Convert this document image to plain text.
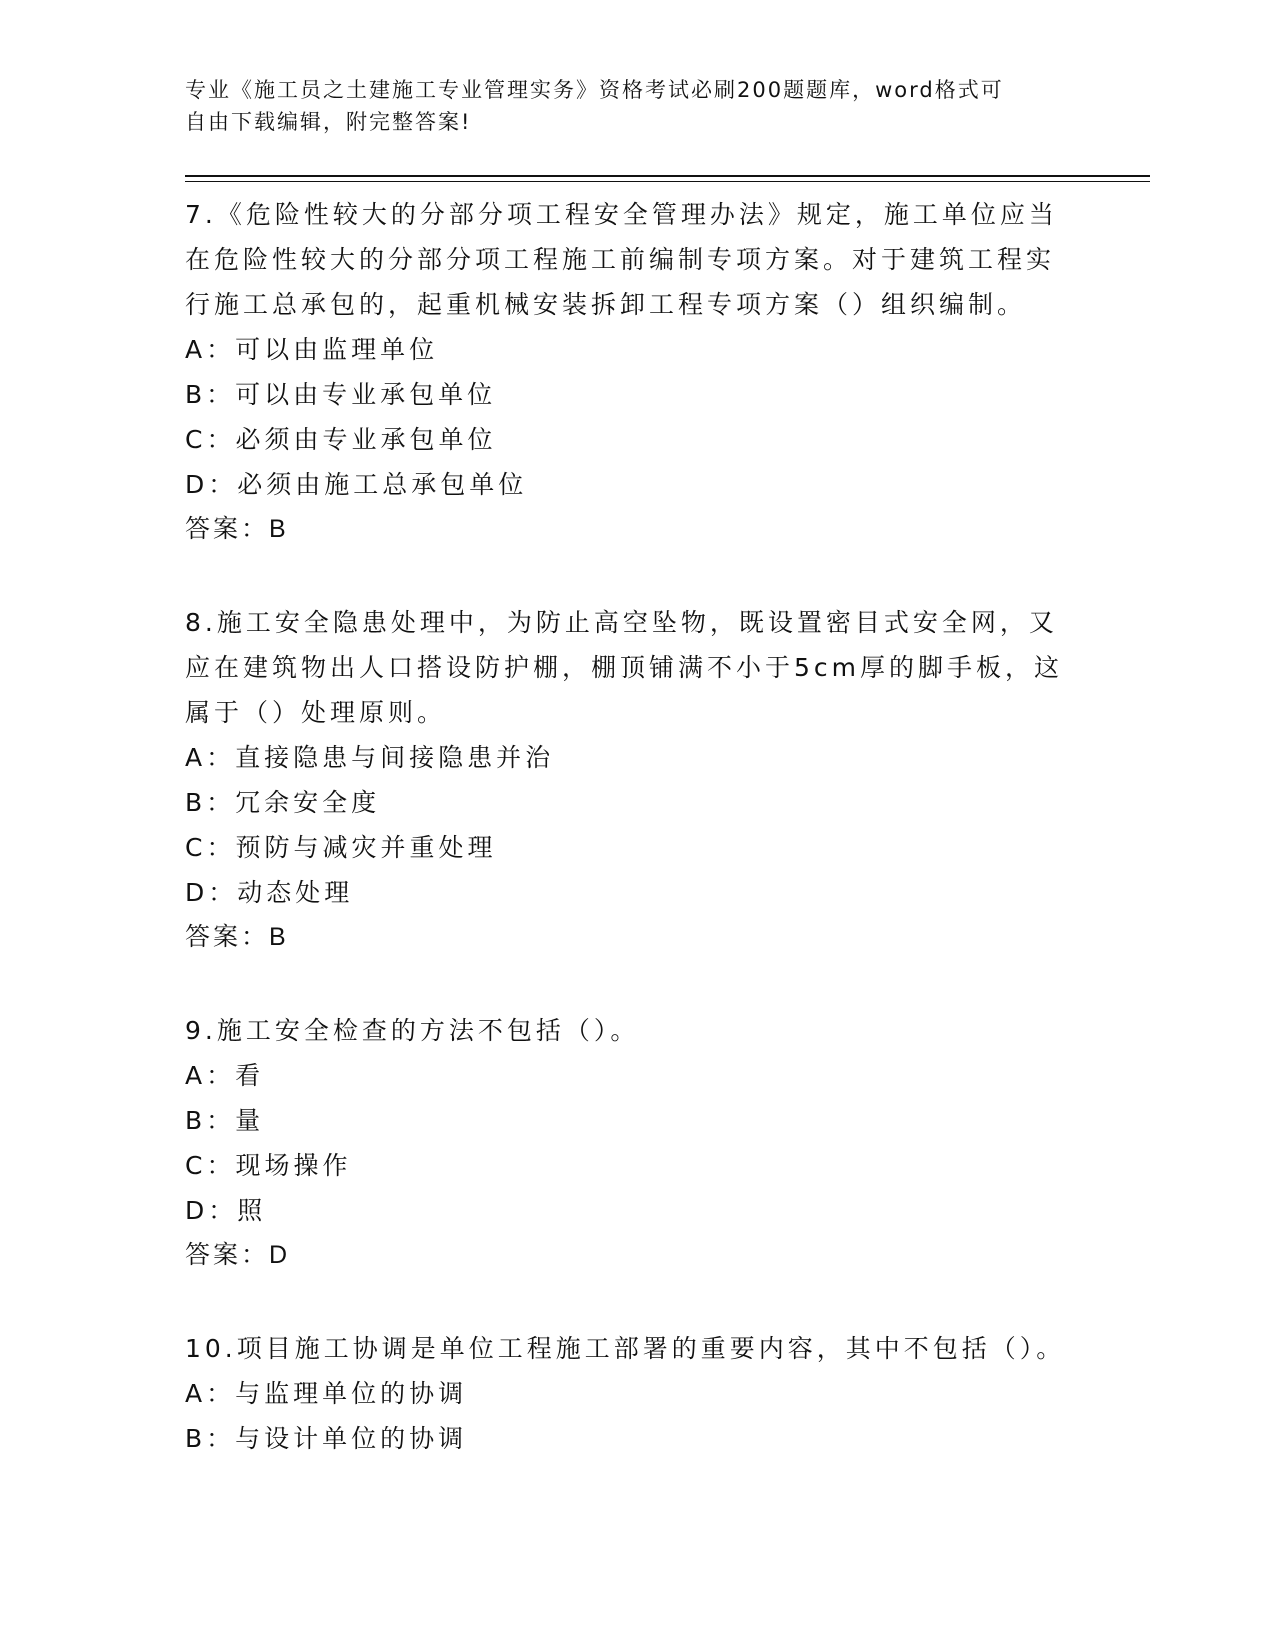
专业《施工员之土建施工专业管理实务》资格考试必刷200题题库，word格式可
自由下载编辑，附完整答案!

7.《危险性较大的分部分项工程安全管理办法》规定，施工单位应当

在危险性较大的分部分项工程施工前编制专项方案。对于建筑工程实

行施工总承包的，起重机械安装拆卸工程专项方案（）组织编制。

A：可以由监理单位

B：可以由专业承包单位

C：必须由专业承包单位

D：必须由施工总承包单位

答案：B

8.施工安全隐患处理中，为防止高空坠物，既设置密目式安全网，又

应在建筑物出人口搭设防护棚，棚顶铺满不小于5cm厚的脚手板，这

属于（）处理原则。

A：直接隐患与间接隐患并治

B：冗余安全度

C：预防与减灾并重处理

D：动态处理

答案：B

9.施工安全检查的方法不包括（）。

A：看

B：量

C：现场操作

D：照

答案：D

10.项目施工协调是单位工程施工部署的重要内容，其中不包括（）。

A：与监理单位的协调

B：与设计单位的协调
